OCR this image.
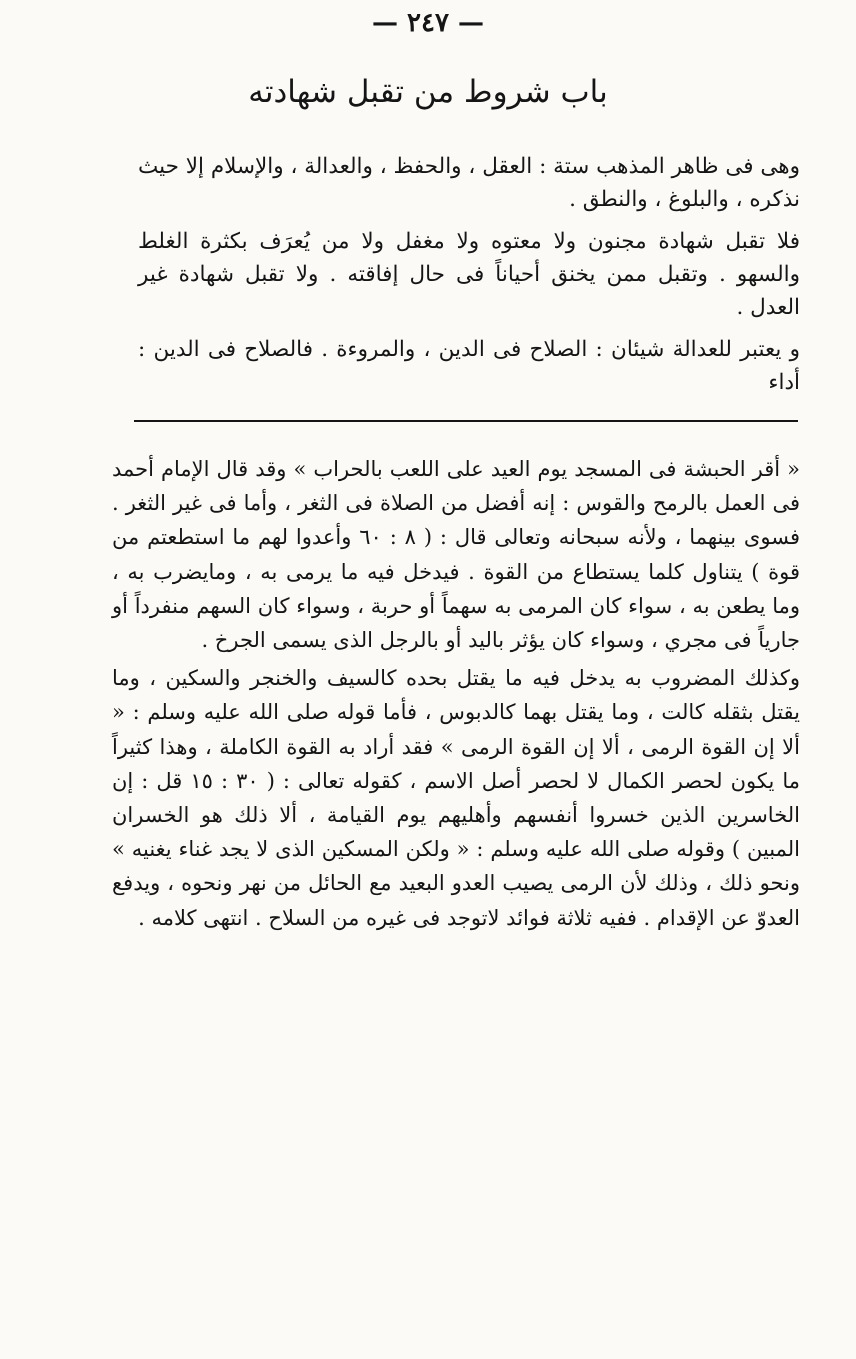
— ٢٤٧ —
باب شروط من تقبل شهادته

وهى فى ظاهر المذهب ستة : العقل ، والحفظ ، والعدالة ، والإسلام إلا حيث نذكره ، والبلوغ ، والنطق .

فلا تقبل شهادة مجنون ولا معتوه ولا مغفل ولا من يُعرَف بكثرة الغلط والسهو . وتقبل ممن يخنق أحياناً فى حال إفاقته . ولا تقبل شهادة غير العدل .

و يعتبر للعدالة شيئان : الصلاح فى الدين ، والمروءة . فالصلاح فى الدين : أداء

« أقر الحبشة فى المسجد يوم العيد على اللعب بالحراب » وقد قال الإمام أحمد فى العمل بالرمح والقوس : إنه أفضل من الصلاة فى الثغر ، وأما فى غير الثغر . فسوى بينهما ، ولأنه سبحانه وتعالى قال : ( ٨ : ٦٠ وأعدوا لهم ما استطعتم من قوة ) يتناول كلما يستطاع من القوة . فيدخل فيه ما يرمى به ، ومايضرب به ، وما يطعن به ، سواء كان المرمى به سهماً أو حربة ، وسواء كان السهم منفرداً أو جارياً فى مجري ، وسواء كان يؤثر باليد أو بالرجل الذى يسمى الجرخ .

وكذلك المضروب به يدخل فيه ما يقتل بحده كالسيف والخنجر والسكين ، وما يقتل بثقله كالت ، وما يقتل بهما كالدبوس ، فأما قوله صلى الله عليه وسلم : « ألا إن القوة الرمى ، ألا إن القوة الرمى » فقد أراد به القوة الكاملة ، وهذا كثيراً ما يكون لحصر الكمال لا لحصر أصل الاسم ، كقوله تعالى : ( ٣٠ : ١٥ قل : إن الخاسرين الذين خسروا أنفسهم وأهليهم يوم القيامة ، ألا ذلك هو الخسران المبين ) وقوله صلى الله عليه وسلم : « ولكن المسكين الذى لا يجد غناء يغنيه » ونحو ذلك ، وذلك لأن الرمى يصيب العدو البعيد مع الحائل من نهر ونحوه ، ويدفع العدوّ عن الإقدام . ففيه ثلاثة فوائد لاتوجد فى غيره من السلاح . انتهى كلامه .
